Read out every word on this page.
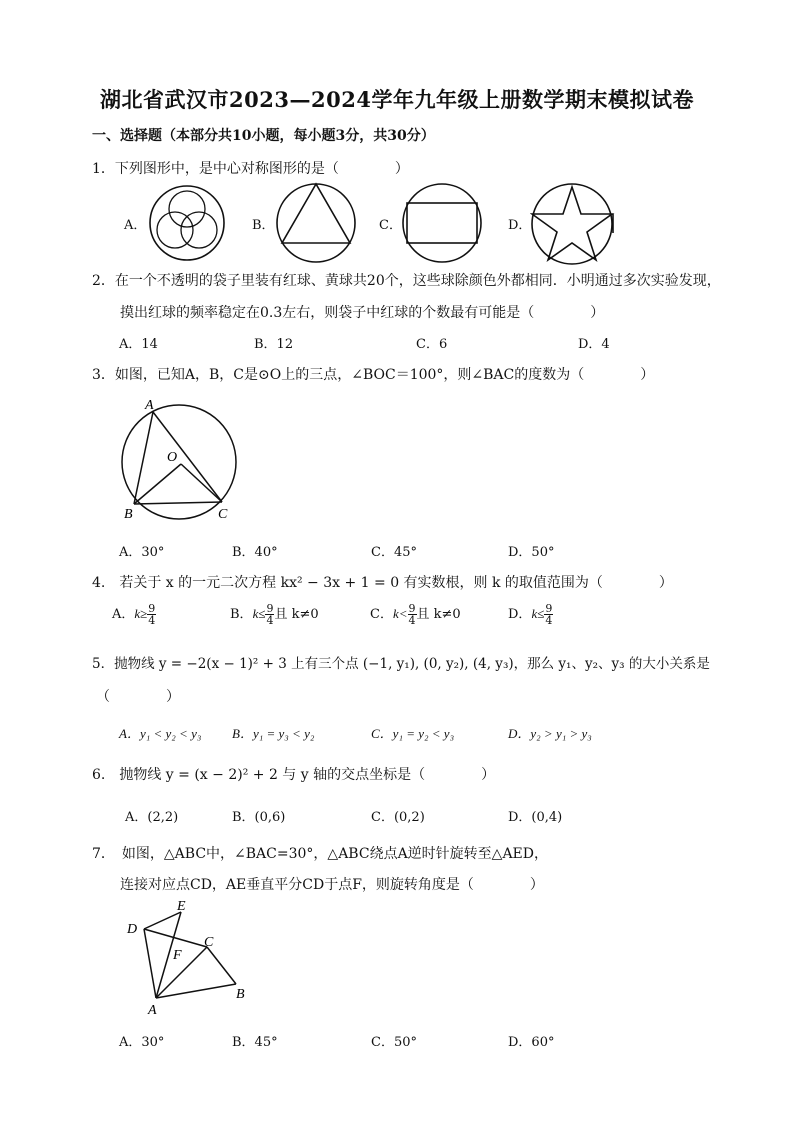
湖北省武汉市2023—2024学年九年级上册数学期末模拟试卷
一、选择题（本部分共10小题，每小题3分，共30分）
1．下列图形中，是中心对称图形的是（　　　　）
A．	B．	C．	D．
2．在一个不透明的袋子里装有红球、黄球共20个，这些球除颜色外都相同．小明通过多次实验发现，
摸出红球的频率稳定在0.3左右，则袋子中红球的个数最有可能是（　　　　）
A．14	B．12	C．6	D．4
3．如图，已知A，B，C是⊙O上的三点，∠BOC＝100°，则∠BAC的度数为（　　　　）
A
O
B	C
A．30°	B．40°	C．45°	D．50°
4.　若关于 x 的一元二次方程 kx² − 3x + 1 = 0 有实数根，则 k 的取值范围为（　　　　）
A．$k\ge \frac{9}{4}$	B．$k\le \frac{9}{4}$ 且 k≠0	C．$k< \frac{9}{4}$ 且 k≠0	D．$k\le \frac{9}{4}$
5．抛物线 y = −2(x − 1)² + 3 上有三个点 (−1, y₁), (0, y₂), (4, y₃)，那么 y₁、y₂、y₃ 的大小关系是
（　　　　）
A．y₁ < y₂ < y₃ B．y₁ = y₃ < y₂	C．y₁ = y₂ < y₃	D．y₂ > y₁ > y₃
6.　抛物线 y = (x − 2)² + 2 与 y 轴的交点坐标是（　　　　）
A．(2,2)	B．(0,6)	C．(0,2)	D．(0,4)
7．　如图，△ABC中，∠BAC=30°，△ABC绕点A逆时针旋转至△AED，
连接对应点CD，AE垂直平分CD于点F，则旋转角度是（　　　　）
E
D
C
F
A
B
A．30°	B．45°	C．50°	D．60°
